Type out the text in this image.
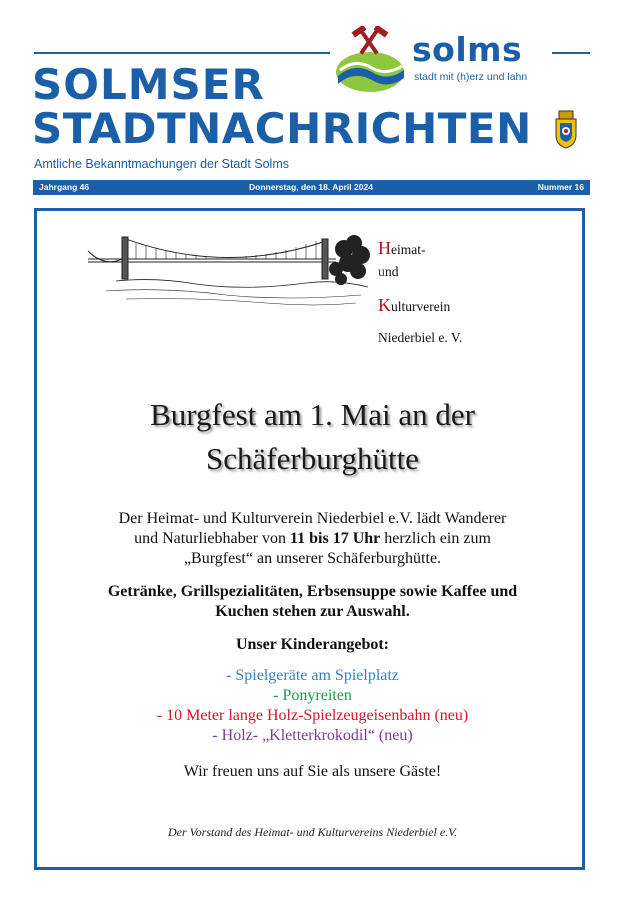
SOLMSER
STADTNACHRICHTEN
Amtliche Bekanntmachungen der Stadt Solms
solms
stadt mit (h)erz und lahn
Jahrgang 46	Donnerstag, den 18. April 2024	Nummer 16
Heimat-
und
Kulturverein
Niederbiel e. V.
Burgfest am 1. Mai an der
Schäferburghütte
Der Heimat- und Kulturverein Niederbiel e.V. lädt Wanderer
und Naturliebhaber von 11 bis 17 Uhr herzlich ein zum
„Burgfest“ an unserer Schäferburghütte.
Getränke, Grillspezialitäten, Erbsensuppe sowie Kaffee und
Kuchen stehen zur Auswahl.
Unser Kinderangebot:
- Spielgeräte am Spielplatz
- Ponyreiten
- 10 Meter lange Holz-Spielzeugeisenbahn (neu)
- Holz- „Kletterkrokodil“ (neu)
Wir freuen uns auf Sie als unsere Gäste!
Der Vorstand des Heimat- und Kulturvereins Niederbiel e.V.
